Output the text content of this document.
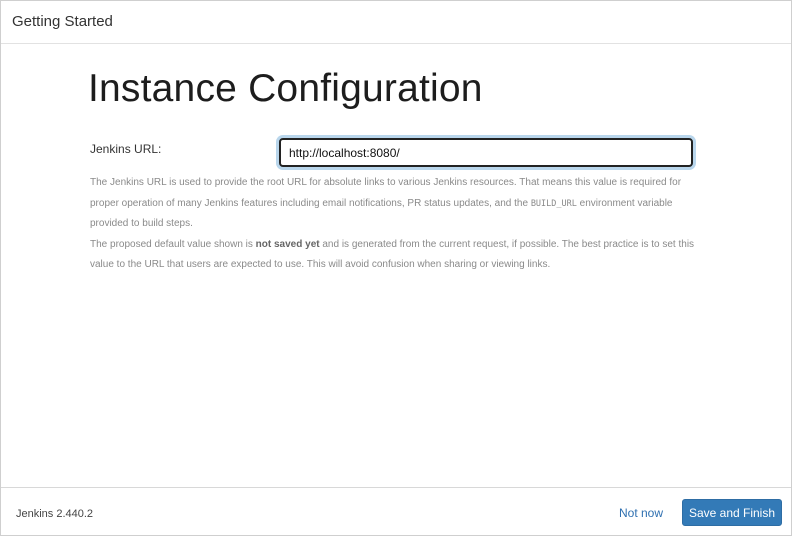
Getting Started
Instance Configuration
Jenkins URL:
http://localhost:8080/

The Jenkins URL is used to provide the root URL for absolute links to various Jenkins resources. That means this value is required for proper operation of many Jenkins features including email notifications, PR status updates, and the BUILD_URL environment variable provided to build steps.

The proposed default value shown is not saved yet and is generated from the current request, if possible. The best practice is to set this value to the URL that users are expected to use. This will avoid confusion when sharing or viewing links.

Jenkins 2.440.2	Not now	Save and Finish
